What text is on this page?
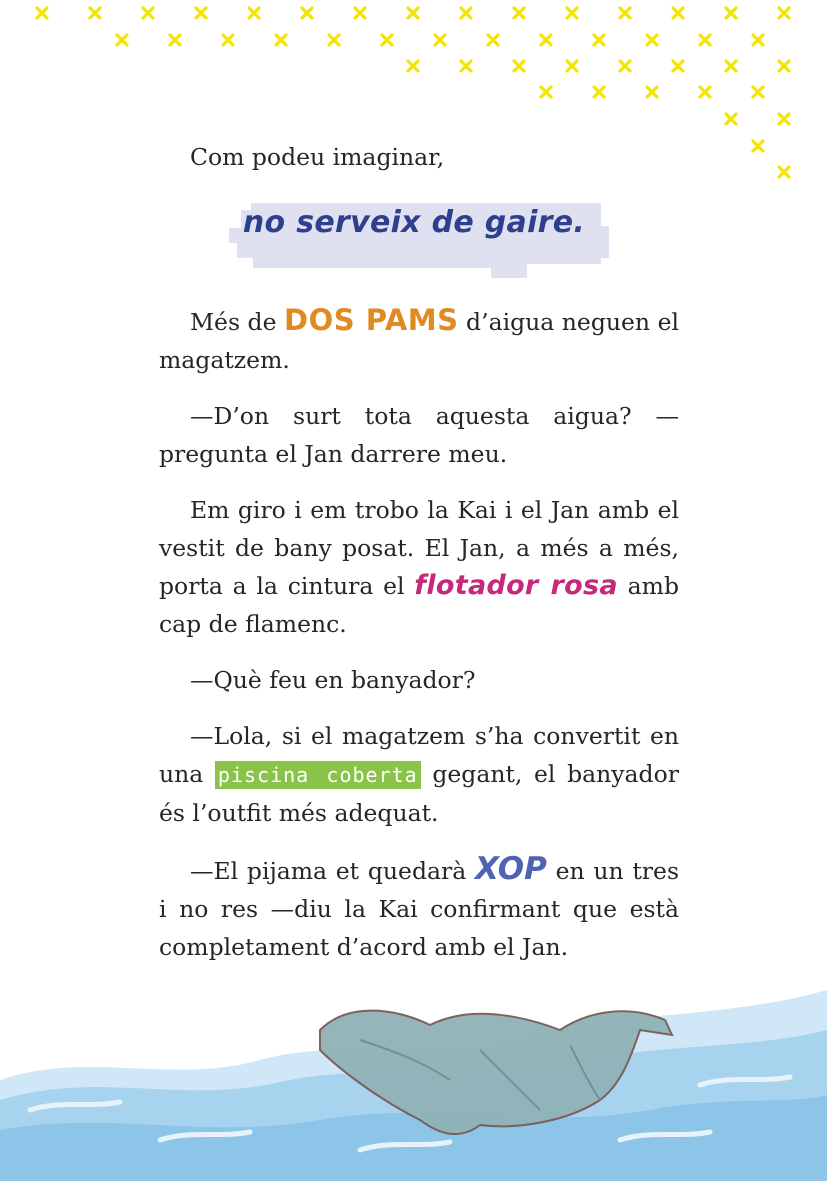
Com podeu imaginar,
no serveix de gaire.

Més de DOS PAMS d’aigua neguen el magatzem.

—D’on surt tota aquesta aigua? —pregunta el Jan darrere meu.

Em giro i em trobo la Kai i el Jan amb el vestit de bany posat. El Jan, a més a més, porta a la cintura el flotador rosa amb cap de flamenc.

—Què feu en banyador?

—Lola, si el magatzem s’ha convertit en una piscina coberta gegant, el banyador és l’outfit més adequat.

—El pijama et quedarà XOP en un tres i no res —diu la Kai confirmant que està completament d’acord amb el Jan.
